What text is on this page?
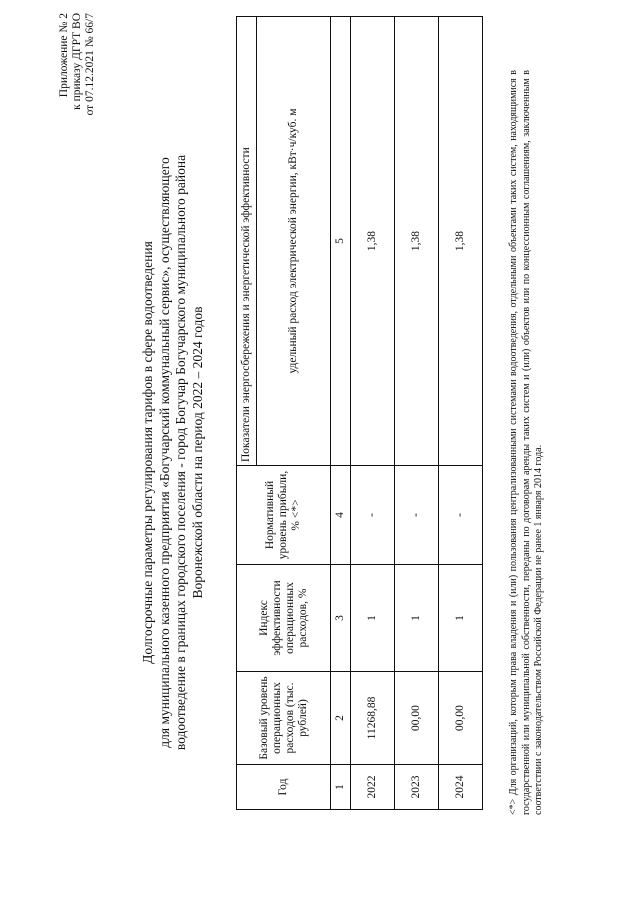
Приложение № 2 к приказу ДГРТ ВО от 07.12.2021 № 66/7
Долгосрочные параметры регулирования тарифов в сфере водоотведения для муниципального казенного предприятия «Богучарский коммунальный сервис», осуществляющего водоотведение в границах городского поселения - город Богучар Богучарского муниципального района Воронежской области на период 2022 – 2024 годов
Год	Базовый уровень операционных расходов (тыс. рублей)	Индекс эффективности операционных расходов, %	Нормативный уровень прибыли, % <*>	Показатели энергосбережения и энергетической эффективности
				удельный расход электрической энергии, кВт·ч/куб. м
1	2	3	4	5
2022	11268,88	1	-	1,38
2023	00,00	1	-	1,38
2024	00,00	1	-	1,38	<*> Для организаций, которым права владения и (или) пользования централизованными системами водоотведения, отдельными объектами таких систем, находящимися в государственной или муниципальной собственности, переданы по договорам аренды таких систем и (или) объектов или по концессионным соглашениям, заключенным в соответствии с законодательством Российской Федерации не ранее 1 января 2014 года.
